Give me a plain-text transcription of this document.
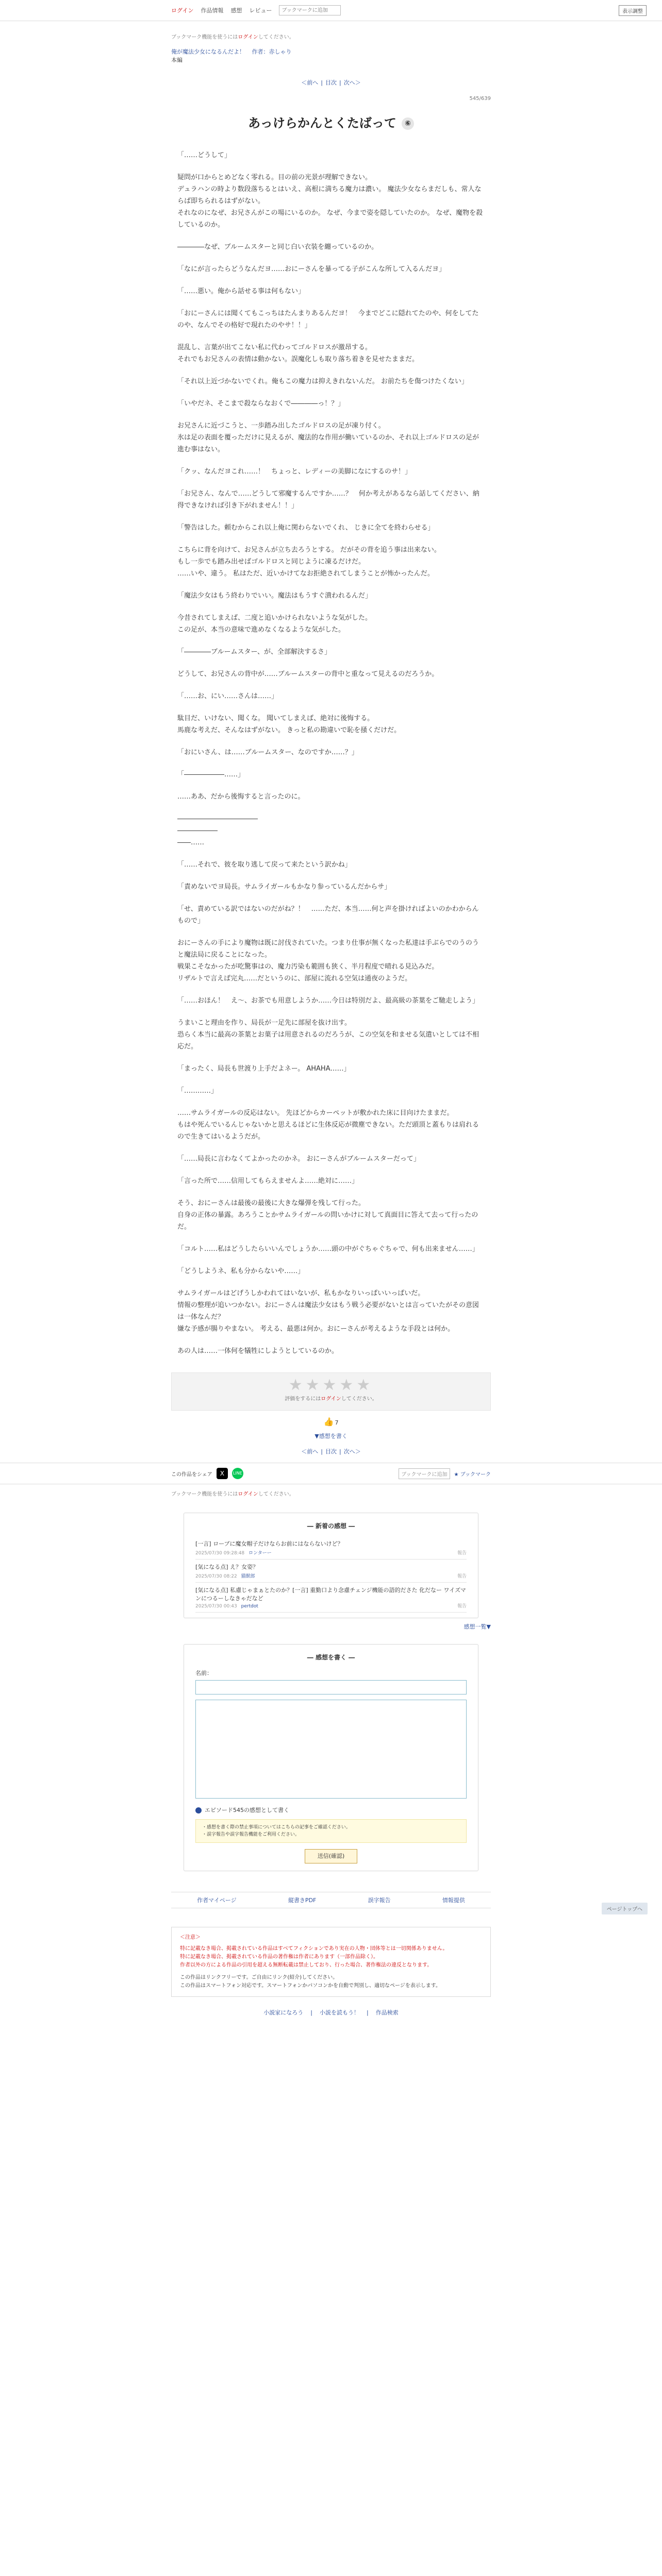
ログイン 作品情報 感想 レビュー
ブックマークに追加	表示調整
ブックマーク機能を使うにはログインしてください。
俺が魔法少女になるんだよ！ 作者：赤しゃり
本編
＜前へ | 目次 | 次へ＞
545/639
あっけらかんとくたばって ⑥

「……どうして」

疑問が口からとめどなく零れる。目の前の光景が理解できない。
デュラハンの時より数段落ちるとはいえ、高根に満ちる魔力は濃い。 魔法少女ならまだしも、常人ならば即ちられるはずがない。
それなのになぜ、お兄さんがこの場にいるのか。 なぜ、今まで姿を隠していたのか。 なぜ、魔物を殺しているのか。

――――なぜ、ブルームスターと同じ白い衣装を纏っているのか。

「なにが言ったらどうなんだヨ……おにーさんを暴ってる子がこんな所して入るんだヨ」

「……悪い。俺から話せる事は何もない」

「おにーさんには聞くてもこっちはたんまりあるんだヨ！　今までどこに隠れてたのや、何をしてたのや、なんでその格好で現れたのやサ！！」

混乱し、言葉が出てこない私に代わってゴルドロスが激昂する。
それでもお兄さんの表情は動かない。誤魔化しも取り落ち着きを見せたままだ。

「それ以上近づかないでくれ。俺もこの魔力は抑えきれないんだ。 お前たちを傷つけたくない」

「いやだネ、そこまで殺ならなおくで――――っ！？」

お兄さんに近づこうと、一歩踏み出したゴルドロスの足が凍り付く。
氷は足の表面を覆っただけに見えるが、魔法的な作用が働いているのか、それ以上ゴルドロスの足が進む事はない。

「クッ、なんだヨこれ……！　ちょっと、レディーの美脚になにするのサ！」

「お兄さん、なんで……どうして邪魔するんですか……？　何か考えがあるなら話してください、納得できなければ引き下がれません！！」

「警告はした。頼むからこれ以上俺に関わらないでくれ、 じきに全てを終わらせる」

こちらに背を向けて、お兄さんが立ち去ろうとする。 だがその背を追う事は出来ない。
もし一歩でも踏み出せばゴルドロスと同じように凍るだけだ。
……いや、違う。 私はただ、近いかけてなお拒絶されてしまうことが怖かったんだ。

「魔法少女はもう終わりでいい。魔法はもうすぐ潰われるんだ」

今昔されてしまえば、二度と追いかけられないような気がした。
この足が、本当の意味で進めなくなるような気がした。

「――――ブルームスター、が、全部解決するさ」

どうして、お兄さんの背中が……ブルームスターの背中と重なって見えるのだろうか。

「……お、にい……さんは……」

駄目だ、いけない、聞くな。 聞いてしまえば、絶対に後悔する。
馬鹿な考えだ、そんなはずがない。 きっと私の勘違いで恥を掻くだけだ。

「おにいさん、は……ブルームスター、なのですか……？」

「――――――……」

……ああ、だから後悔すると言ったのに。

――――――――――――
――――――
――……

「……それで、彼を取り逃して戻って来たという訳かね」

「責めないでヨ局長。サムライガールもかなり参っているんだからサ」

「せ、責めている訳ではないのだがね？！　……ただ、本当……何と声を掛ければよいのかわからんもので」

おにーさんの手により魔物は既に討伐されていた。つまり仕事が無くなった私達は手ぶらでのうのうと魔法局に戻ることになった。
戦果こそなかったが吃驚事はの、魔力汚染も範囲も狭く、半月程度で晴れる見込みだ。
リザルトで言えば完丸……だというのに、部屋に流れる空気は通夜のようだ。

「……おほん！　え～、お茶でも用意しようか……今日は特別だよ、最高級の茶葉をご馳走しよう」

うまいこと理由を作り、局長が一足先に部屋を抜け出す。
恐らく本当に最高の茶葉とお菓子は用意されるのだろうが、この空気を和ませる気遣いとしては不相応だ。

「まったく、局長も世渡り上手だよネー。 AHAHA……」

「…………」

……サムライガールの反応はない。 先ほどからカーペットが敷かれた床に目向けたままだ。
もはや死んでいるんじゃないかと思えるほどに生体反応が微塵できない。ただ頭頂と蓋もりは肩れるので生きてはいるようだが。

「……局長に言わなくてよかったのかネ。 おにーさんがブルームスターだって」

「言った所で……信用してもらえませんよ……絶対に……」

そう、おにーさんは最後の最後に大きな爆弾を残して行った。
自身の正体の暴露。あろうことかサムライガールの問いかけに対して真面目に答えて去って行ったのだ。

「コルト……私はどうしたらいいんでしょうか……頭の中がぐちゃぐちゃで、何も出来ません……」

「どうしようネ、私も分からないや……」

サムライガールはどげうしかわれてはいないが、私もかなりいっぱいいっぱいだ。
情報の整理が追いつかない。おにーさんは魔法少女はもう戦う必要がないとは言っていたがその意図は一体なんだ？
嫌な予感が腸りやまない。 考える、最悪は何か。おにーさんが考えるような手段とは何か。

あの人は……一体何を犠牲にしようとしているのか。

★★★★★
評価をするにはログインしてください。
👍 7
▼感想を書く
＜前へ | 目次 | 次へ＞
この作品をシェア	X	LINE	ブックマークに追加	★ ブックマーク
ブックマーク機能を使うにはログインしてください。
― 新着の感想 ―
[一言] ローブに魔女帽子だけならお前にはならないけど？
2025/07/30 09:28:48 ロンターー	報告
[気になる点] え？女姿？
2025/07/30 08:22 猫獣郎	報告
[気になる点] 私慮じゃまぁとたのか？[一言] 重勤口より念慮チェンジ機能の語的ださた 化だなー ワイズマンにつるーしなきゃだなど
2025/07/30 00:43 pertdot	報告
感想一覧▼
― 感想を書く ―
名前：
エピソード545の感想として書く
・感想を書く際の禁止事項についてはこちらの記事をご確認ください。
・誤字報告や誤字報告機能をご利用ください。
送信(確認)
作者マイページ	縦書きPDF	誤字報告	情報提供
＜注意＞
特に記載なき場合、掲載されている作品はすべてフィクションであり実在の人物・団体等とは一切関係ありません。
特に記載なき場合、掲載されている作品の著作権は作者にあります（一部作品除く）。
作者以外の方による作品の引用を超える無断転載は禁止しており、行った場合、著作権法の違反となります。
この作品はリンクフリーです。ご自由にリンク(紹介)してください。
この作品はスマートフォン対応です。スマートフォンかパソコンかを自動で判別し、適切なページを表示します。
小説家になろう | 小説を読もう！ | 作品検索
ページトップへ
